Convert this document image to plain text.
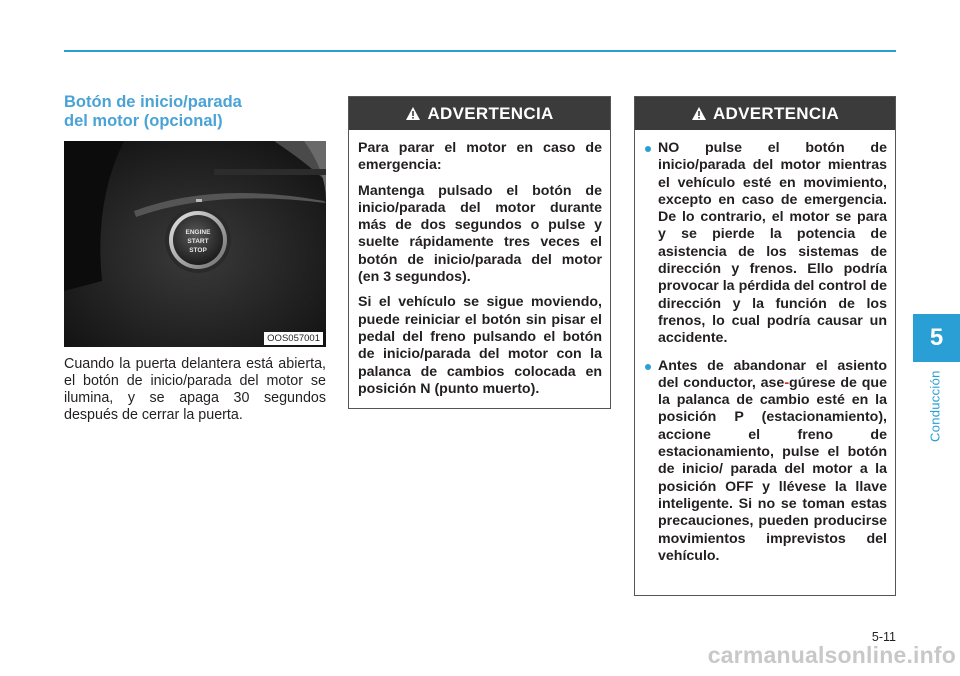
5
Conducción
Botón de inicio/parada
del motor (opcional)
ENGINE
START
STOP
OOS057001

Cuando la puerta delantera está abierta, el botón de inicio/parada del motor se ilumina, y se apaga 30 segundos después de cerrar la puerta.

ADVERTENCIA

Para parar el motor en caso de emergencia:

Mantenga pulsado el botón de inicio/parada del motor durante más de dos segundos o pulse y suelte rápidamente tres veces el botón de inicio/parada del motor (en 3 segundos).

Si el vehículo se sigue moviendo, puede reiniciar el botón sin pisar el pedal del freno pulsando el botón de inicio/parada del motor con la palanca de cambios colocada en posición N (punto muerto).

ADVERTENCIA
NO pulse el botón de inicio/parada del motor mientras el vehículo esté en movimiento, excepto en caso de emergencia. De lo contrario, el motor se para y se pierde la potencia de asistencia de los sistemas de dirección y frenos. Ello podría provocar la pérdida del control de dirección y la función de los frenos, lo cual podría causar un accidente.
Antes de abandonar el asiento del conductor, ase-gúrese de que la palanca de cambio esté en la posición P (estacionamiento), accione el freno de estacionamiento, pulse el botón de inicio/ parada del motor a la posición OFF y llévese la llave inteligente. Si no se toman estas precauciones, pueden producirse movimientos imprevistos del vehículo.
5-11
carmanualsonline.info
